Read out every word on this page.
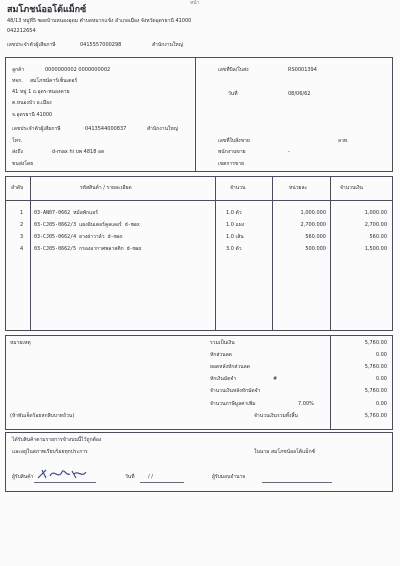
หน้า
สมโภชน์ออโต้แม็กซ์
48/13 หมู่ที่5 ซอยบ้านหนองอุดม ตำบลหมากแข้ง อำเภอเมือง จังหวัดอุดรธานี 41000
042212654
เลขประจำตัวผู้เสียภาษี	0415557000298	สำนักงานใหญ่
ลูกค้า	0000000002 0000000002
หจก. สมโภชน์คาร์เซ็นเตอร์
41 หมู่ 1 ถ.อุดร-หนองคาย
ต.หนองบัว อ.เมือง
จ.อุดรธานี 41000
เลขประจำตัวผู้เสียภาษี	0413544000837	สำนักงานใหญ่
โทร.
ส่งถึง	d-max hi บพ 4818 อด
ขนส่งโดย
เลขที่บิล/ใบส่ง	RS0001394
วันที่	08/06/62
เลขที่ใบสั่งขาย	ลวท.
พนักงานขาย	-
เขตการขาย
ลำดับ	รหัสสินค้า / รายละเอียด	จำนวน	หน่วยละ	จำนวนเงิน
1 03-AN07-0662 หม้อพักแอร์	1.0 ตัว	1,000.000	1,000.00
2 03-CJ05-0662/3 แผงอินเตอร์คูลเลอร์ d-max	1.0 แผง	2,700.000	2,700.00
3 03-CJ05-0662/4 ยางฝาวาล์ว d-max	1.0 เส้น	560.000	560.00
4 03-CJ05-0662/5 กรองอากาศพลาสติก d-max	3.0 ตัว	500.000	1,500.00
หมายเหตุ
(ห้าพันเจ็ดร้อยหกสิบบาทถ้วน)
รวมเป็นเงิน	5,760.00
หักส่วนลด	0.00
ยอดหลังหักส่วนลด	5,760.00
หักเงินมัดจำ	#	0.00
จำนวนเงินหลังหักมัดจำ	5,760.00
จำนวนภาษีมูลค่าเพิ่ม	7.00%	0.00
จำนวนเงินรวมทั้งสิ้น	5,760.00
ได้รับสินค้าตามรายการข้างบนนี้ไว้ถูกต้อง
และอยู่ในสภาพเรียบร้อยทุกประการ	ในนาม สมโภชน์ออโต้แม็กซ์
ผู้รับสินค้า	วันที่	/ /	ผู้รับมอบอำนาจ
